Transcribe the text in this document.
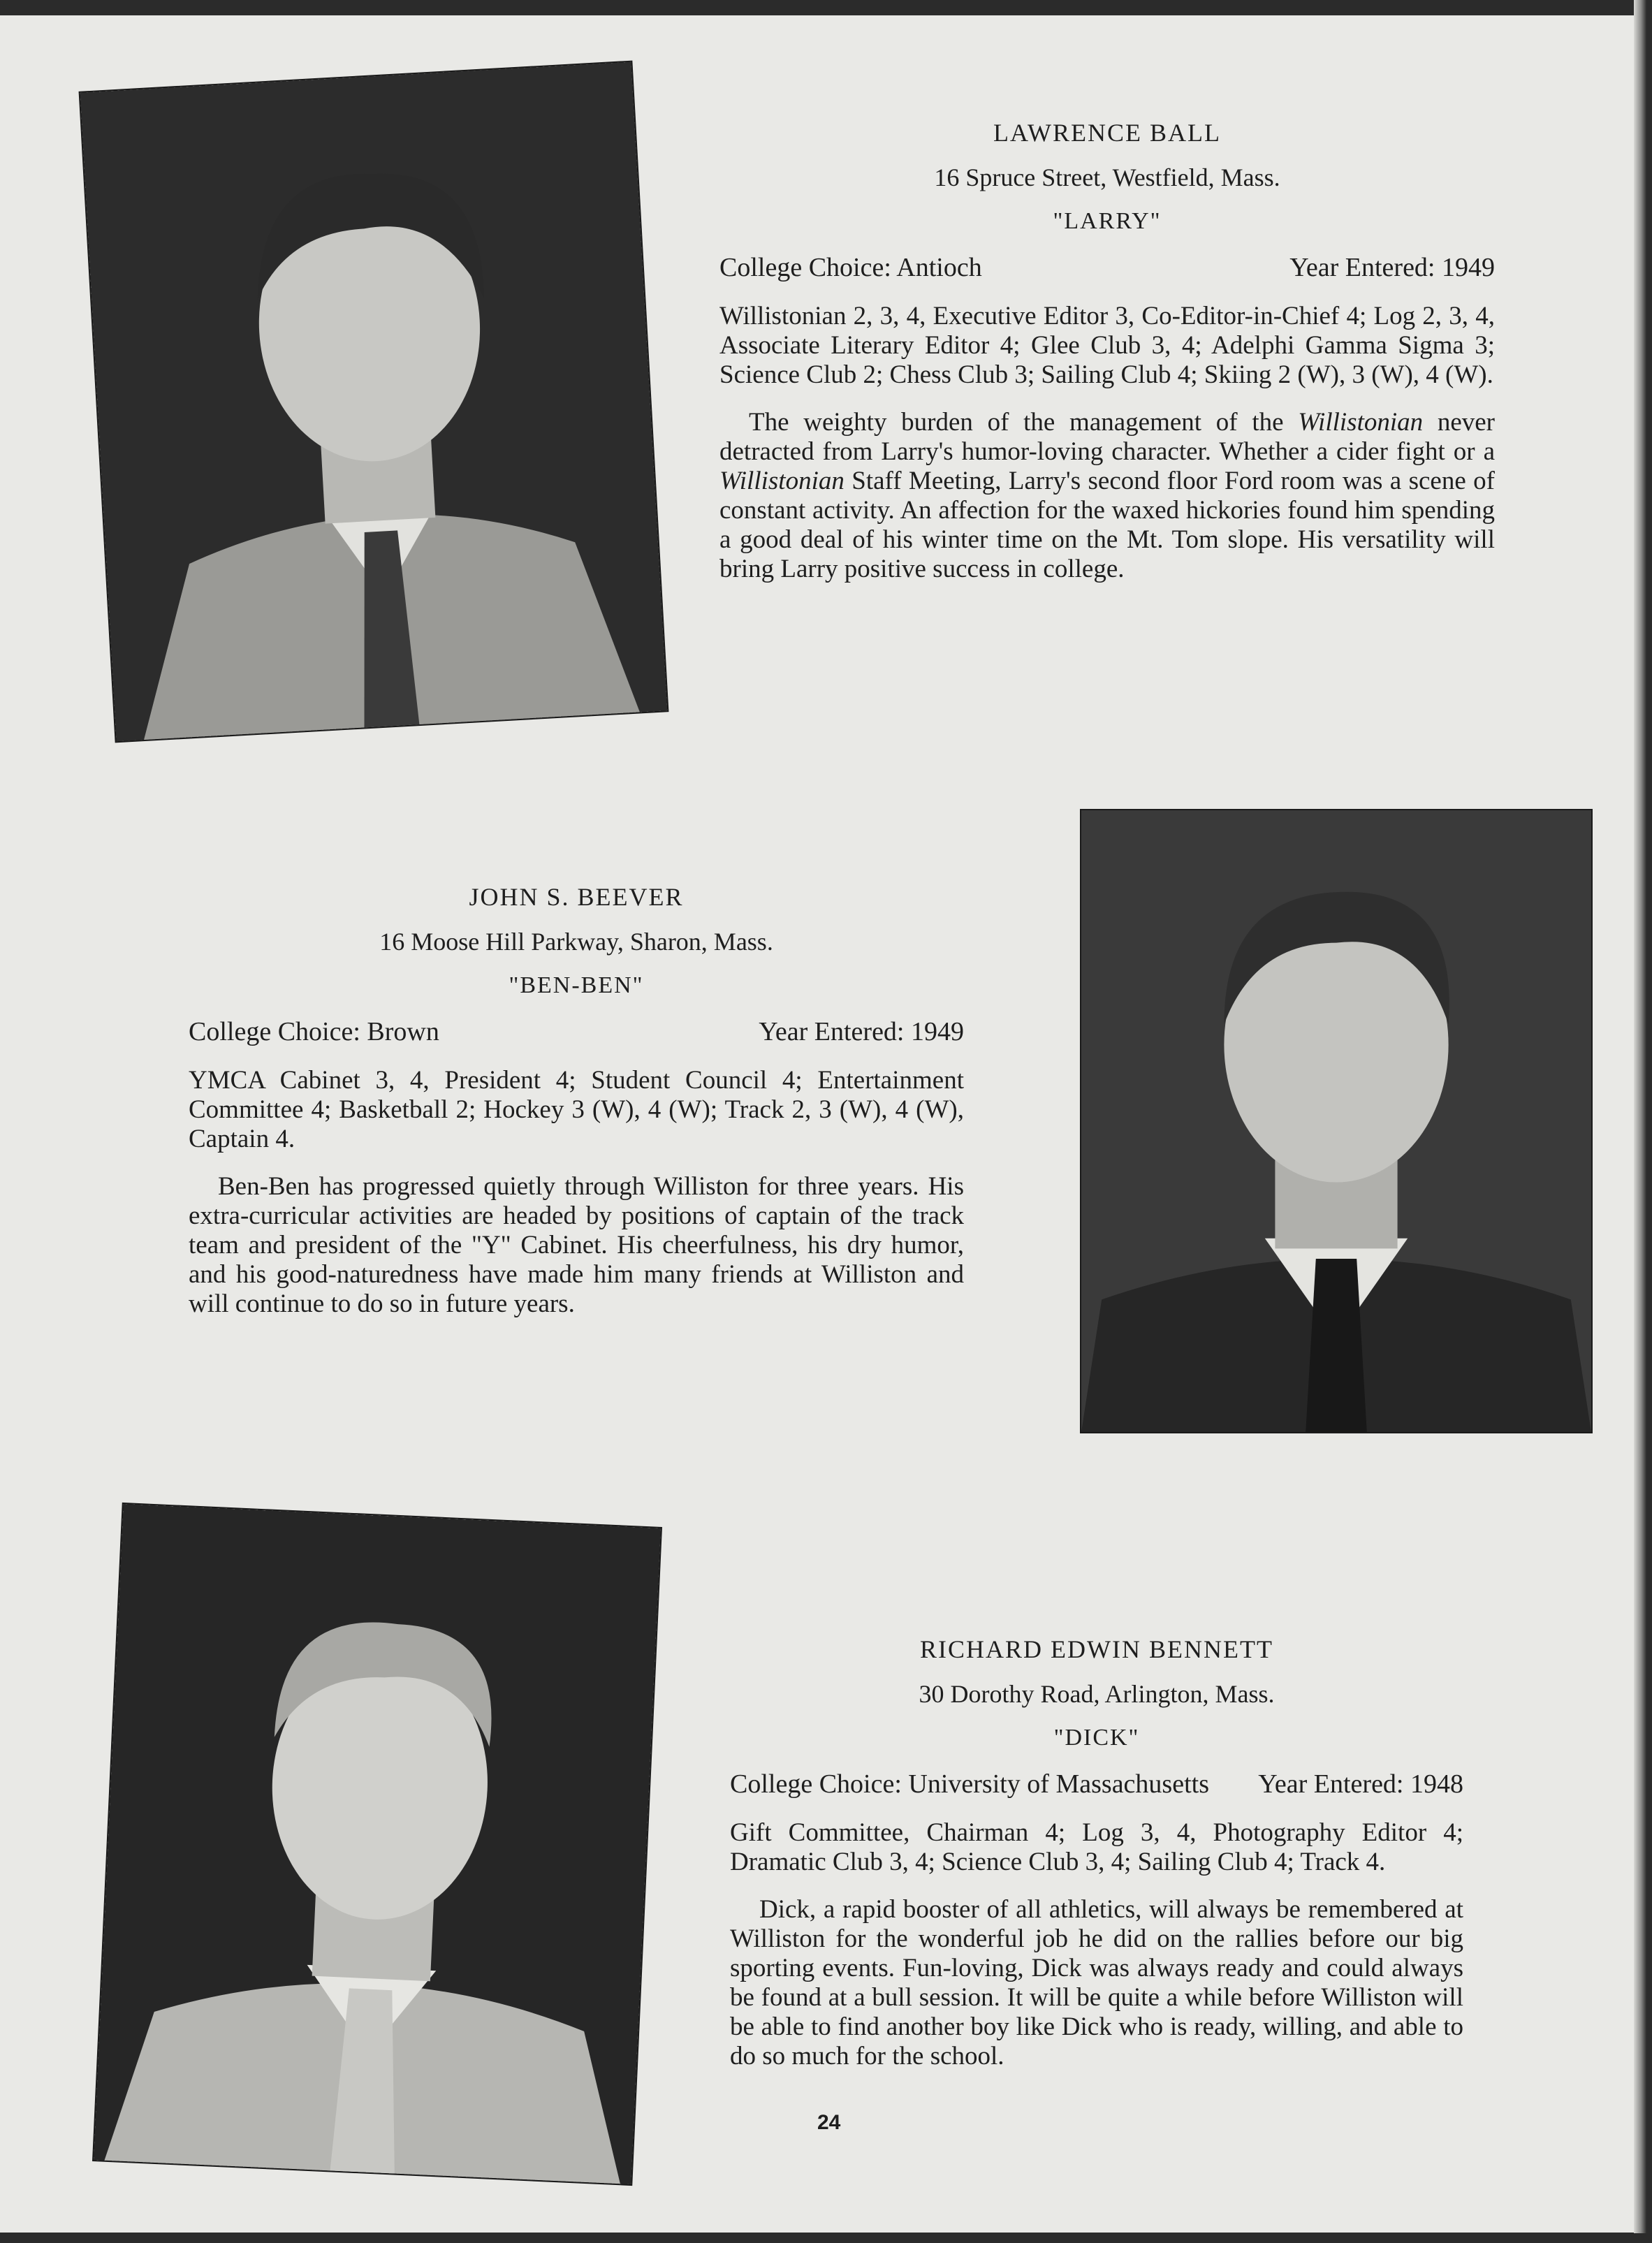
LAWRENCE BALL
16 Spruce Street, Westfield, Mass.
"LARRY"
College Choice: Antioch	Year Entered: 1949
Willistonian 2, 3, 4, Executive Editor 3, Co-Editor-in-Chief 4; Log 2, 3, 4, Associate Literary Editor 4; Glee Club 3, 4; Adelphi Gamma Sigma 3; Science Club 2; Chess Club 3; Sailing Club 4; Skiing 2 (W), 3 (W), 4 (W).
The weighty burden of the management of the Willistonian never detracted from Larry's humor-loving character. Whether a cider fight or a Willistonian Staff Meeting, Larry's second floor Ford room was a scene of constant activity. An affection for the waxed hickories found him spending a good deal of his winter time on the Mt. Tom slope. His versatility will bring Larry positive success in college.
JOHN S. BEEVER
16 Moose Hill Parkway, Sharon, Mass.
"BEN-BEN"
College Choice: Brown	Year Entered: 1949
YMCA Cabinet 3, 4, President 4; Student Council 4; Entertainment Committee 4; Basketball 2; Hockey 3 (W), 4 (W); Track 2, 3 (W), 4 (W), Captain 4.
Ben-Ben has progressed quietly through Williston for three years. His extra-curricular activities are headed by positions of captain of the track team and president of the "Y" Cabinet. His cheerfulness, his dry humor, and his good-naturedness have made him many friends at Williston and will continue to do so in future years.
RICHARD EDWIN BENNETT
30 Dorothy Road, Arlington, Mass.
"DICK"
College Choice: University of Massachusetts Year Entered: 1948
Gift Committee, Chairman 4; Log 3, 4, Photography Editor 4; Dramatic Club 3, 4; Science Club 3, 4; Sailing Club 4; Track 4.
Dick, a rapid booster of all athletics, will always be remembered at Williston for the wonderful job he did on the rallies before our big sporting events. Fun-loving, Dick was always ready and could always be found at a bull session. It will be quite a while before Williston will be able to find another boy like Dick who is ready, willing, and able to do so much for the school.
24
